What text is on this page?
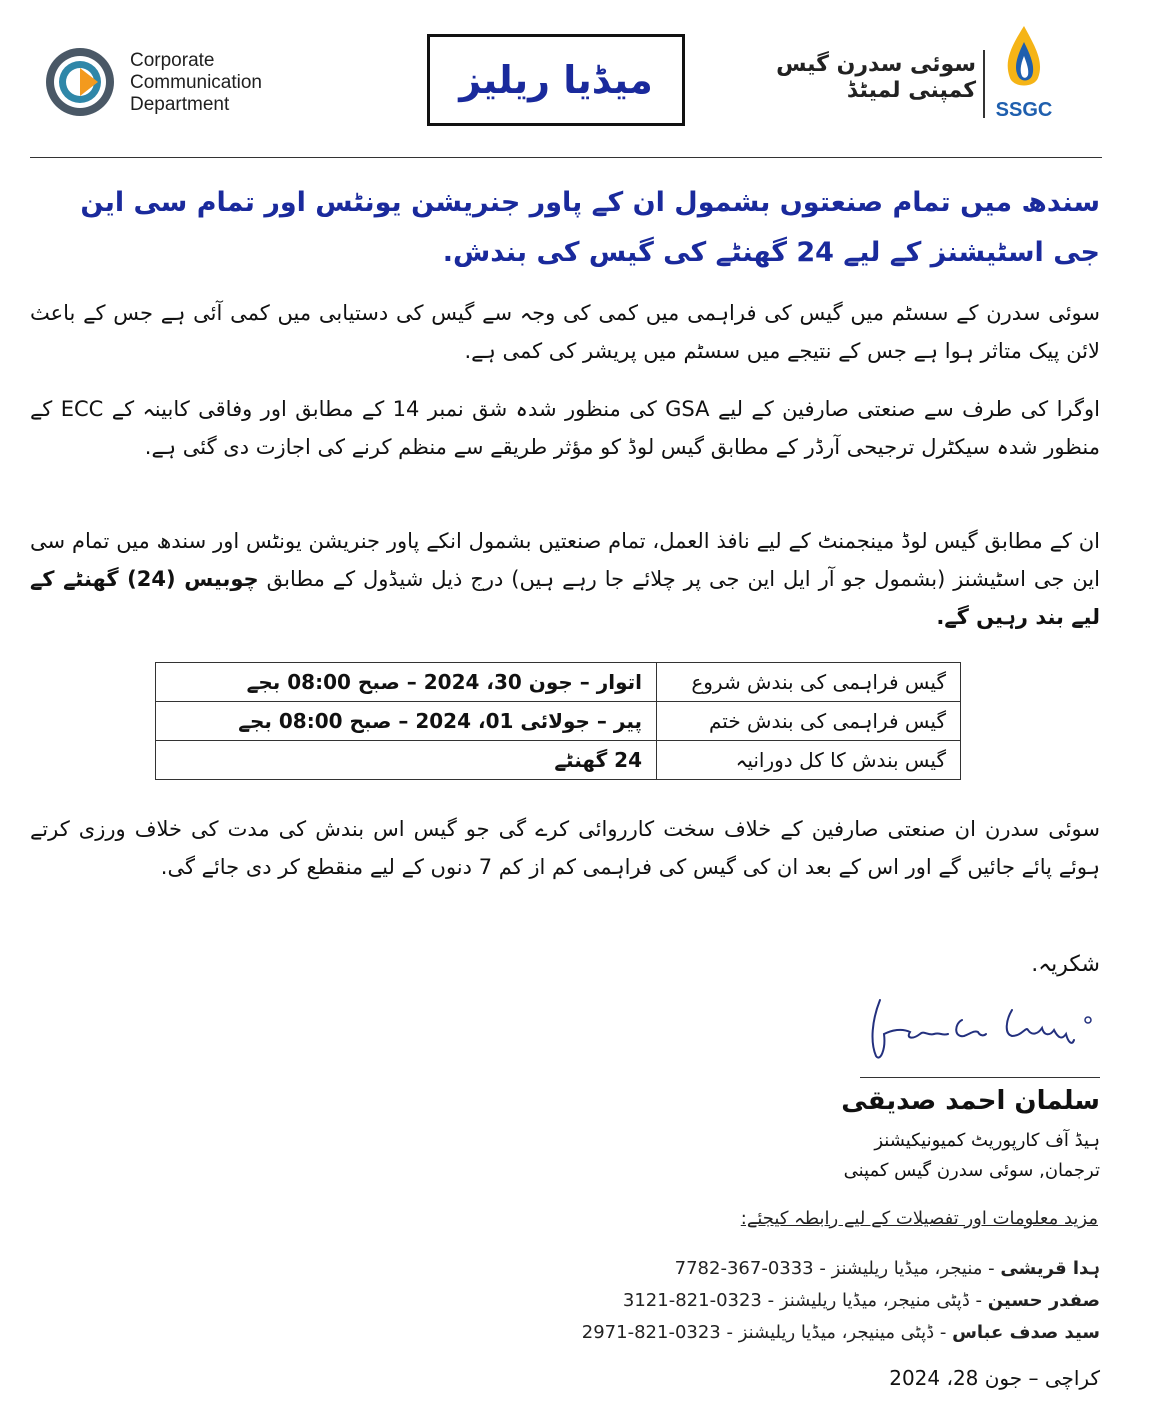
Corporate
Communication
Department
میڈیا ریلیز	سوئی سدرن گیس
کمپنی لمیٹڈ
SSGC
سندھ میں تمام صنعتوں بشمول ان کے پاور جنریشن یونٹس اور تمام سی این جی اسٹیشنز کے لیے 24 گھنٹے کی گیس کی بندش.
سوئی سدرن کے سسٹم میں گیس کی فراہمی میں کمی کی وجہ سے گیس کی دستیابی میں کمی آئی ہے جس کے باعث لائن پیک متاثر ہوا ہے جس کے نتیجے میں سسٹم میں پریشر کی کمی ہے.
اوگرا کی طرف سے صنعتی صارفین کے لیے GSA کی منظور شدہ شق نمبر 14 کے مطابق اور وفاقی کابینہ کے ECC کے منظور شدہ سیکٹرل ترجیحی آرڈر کے مطابق گیس لوڈ کو مؤثر طریقے سے منظم کرنے کی اجازت دی گئی ہے.
ان کے مطابق گیس لوڈ مینجمنٹ کے لیے نافذ العمل، تمام صنعتیں بشمول انکے پاور جنریشن یونٹس اور سندھ میں تمام سی این جی اسٹیشنز (بشمول جو آر ایل این جی پر چلائے جا رہے ہیں) درج ذیل شیڈول کے مطابق چوبیس (24) گھنٹے کے لیے بند رہیں گے.
گیس فراہمی کی بندش شروع	اتوار – جون 30، 2024 – صبح 08:00 بجے
گیس فراہمی کی بندش ختم	پیر – جولائی 01، 2024 – صبح 08:00 بجے
گیس بندش کا کل دورانیہ	24 گھنٹے
سوئی سدرن ان صنعتی صارفین کے خلاف سخت کارروائی کرے گی جو گیس اس بندش کی مدت کی خلاف ورزی کرتے ہوئے پائے جائیں گے اور اس کے بعد ان کی گیس کی فراہمی کم از کم 7 دنوں کے لیے منقطع کر دی جائے گی.
شکریہ.
سلمان احمد صدیقی
ہیڈ آف کارپوریٹ کمیونیکیشنز
ترجمان, سوئی سدرن گیس کمپنی
مزید معلومات اور تفصیلات کے لیے رابطہ کیجئے:
ہدا قریشی - منیجر، میڈیا ریلیشنز - 0333-367-7782
صفدر حسین - ڈپٹی منیجر، میڈیا ریلیشنز - 0323-821-3121
سید صدف عباس - ڈپٹی مینیجر، میڈیا ریلیشنز - 0323-821-2971
کراچی – جون 28، 2024
